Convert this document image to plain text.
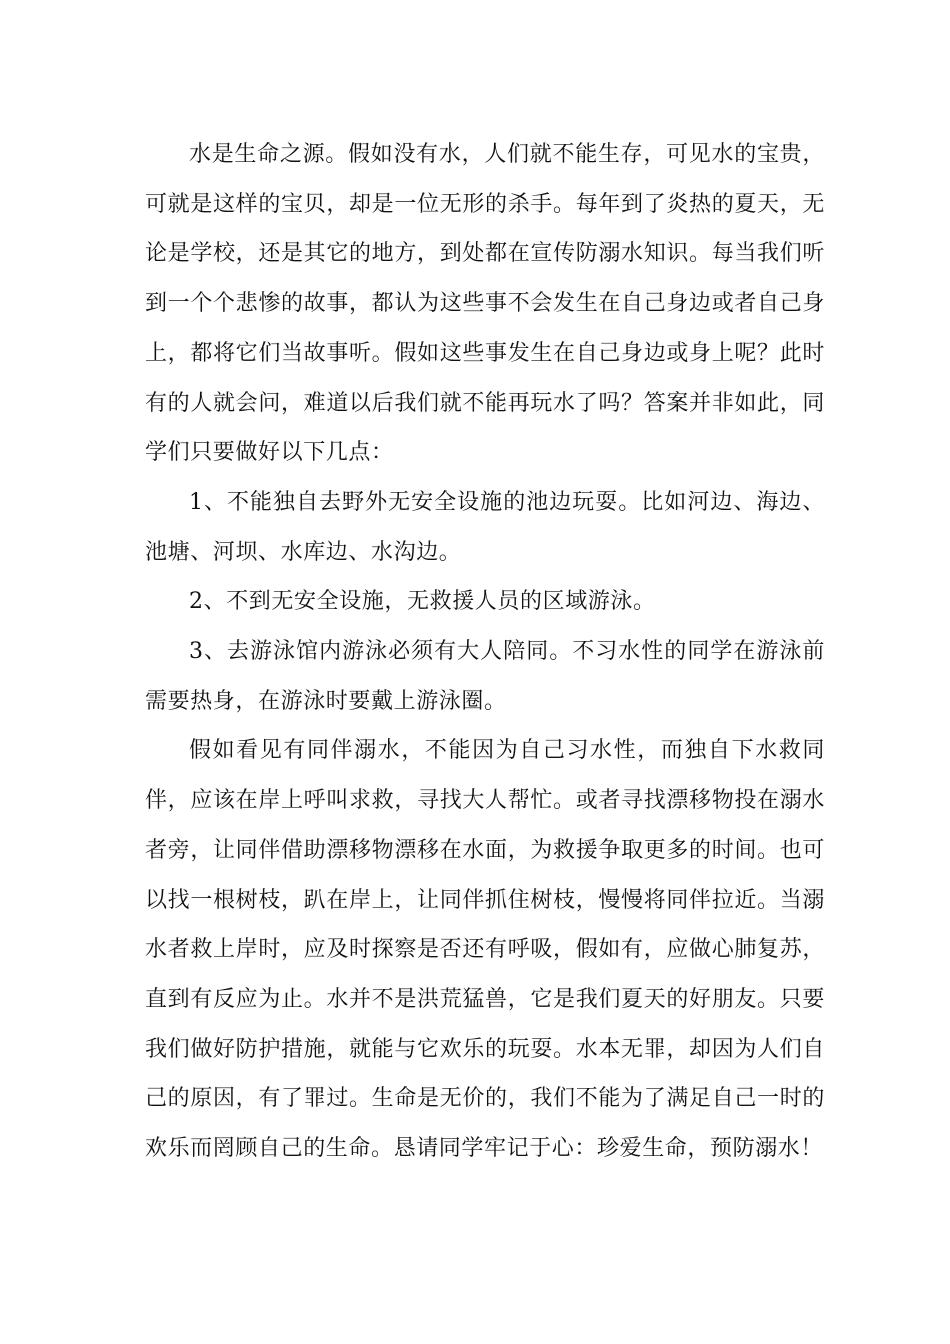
水是生命之源。假如没有水，人们就不能生存，可见水的宝贵，可就是这样的宝贝，却是一位无形的杀手。每年到了炎热的夏天，无论是学校，还是其它的地方，到处都在宣传防溺水知识。每当我们听到一个个悲惨的故事，都认为这些事不会发生在自己身边或者自己身上，都将它们当故事听。假如这些事发生在自己身边或身上呢？此时有的人就会问，难道以后我们就不能再玩水了吗？答案并非如此，同学们只要做好以下几点：

1、不能独自去野外无安全设施的池边玩耍。比如河边、海边、池塘、河坝、水库边、水沟边。

2、不到无安全设施，无救援人员的区域游泳。

3、去游泳馆内游泳必须有大人陪同。不习水性的同学在游泳前需要热身，在游泳时要戴上游泳圈。

假如看见有同伴溺水，不能因为自己习水性，而独自下水救同伴，应该在岸上呼叫求救，寻找大人帮忙。或者寻找漂移物投在溺水者旁，让同伴借助漂移物漂移在水面，为救援争取更多的时间。也可以找一根树枝，趴在岸上，让同伴抓住树枝，慢慢将同伴拉近。当溺水者救上岸时，应及时探察是否还有呼吸，假如有，应做心肺复苏，直到有反应为止。水并不是洪荒猛兽，它是我们夏天的好朋友。只要我们做好防护措施，就能与它欢乐的玩耍。水本无罪，却因为人们自己的原因，有了罪过。生命是无价的，我们不能为了满足自己一时的欢乐而罔顾自己的生命。恳请同学牢记于心：珍爱生命，预防溺水！
